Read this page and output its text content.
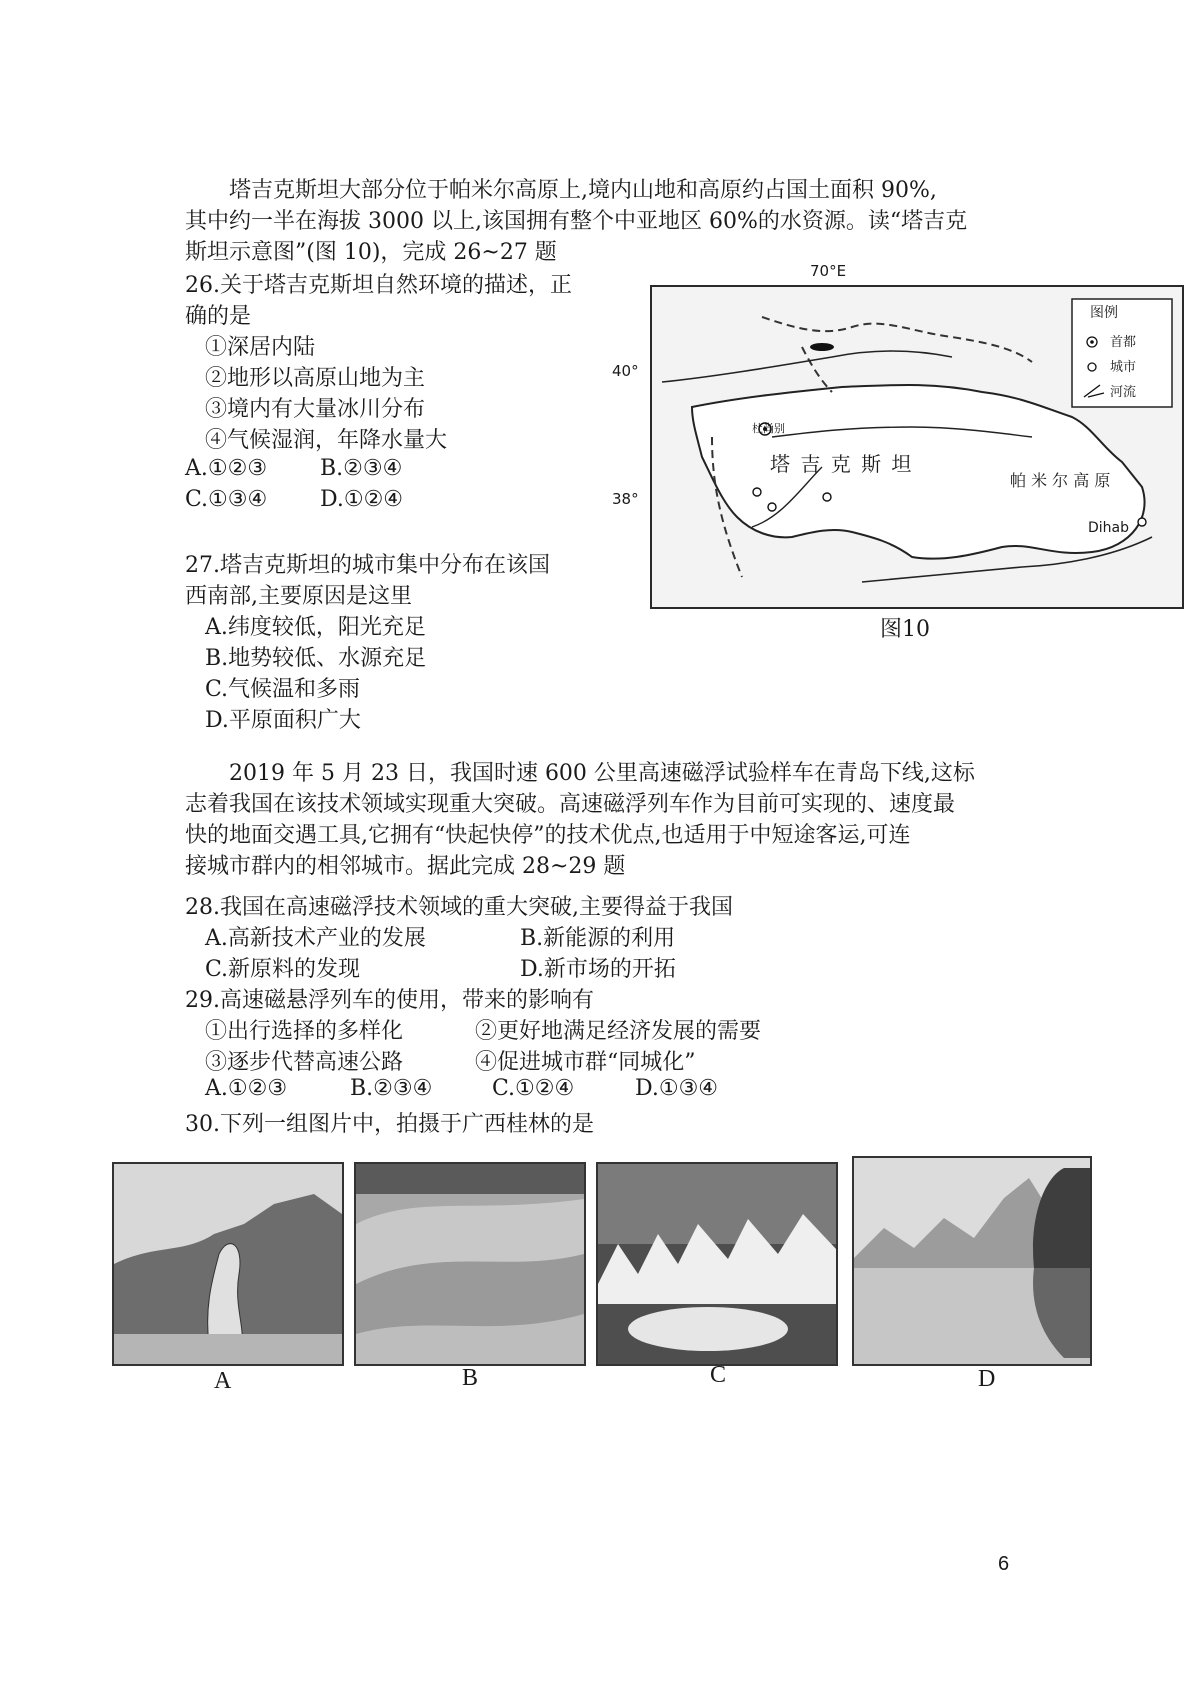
塔吉克斯坦大部分位于帕米尔高原上,境内山地和高原约占国土面积 90%,

其中约一半在海拔 3000 以上,该国拥有整个中亚地区 60%的水资源。读“塔吉克

斯坦示意图”(图 10)，完成 26~27 题

26.关于塔吉克斯坦自然环境的描述，正

确的是

①深居内陆

②地形以高原山地为主

③境内有大量冰川分布

④气候湿润，年降水量大

A.①②③ B.②③④
C.①③④ D.①②④

27.塔吉克斯坦的城市集中分布在该国

西南部,主要原因是这里

A.纬度较低，阳光充足

B.地势较低、水源充足

C.气候温和多雨

D.平原面积广大

70°E
40°
38°
图例
首都
城市
河流
塔 吉 克 斯 坦
帕 米 尔 高 原
杜尚别
Dihab
图10

2019 年 5 月 23 日，我国时速 600 公里高速磁浮试验样车在青岛下线,这标

志着我国在该技术领域实现重大突破。高速磁浮列车作为目前可实现的、速度最

快的地面交遇工具,它拥有“快起快停”的技术优点,也适用于中短途客运,可连

接城市群内的相邻城市。据此完成 28~29 题

28.我国在高速磁浮技术领域的重大突破,主要得益于我国
A.高新技术产业的发展	B.新能源的利用
C.新原料的发现	D.新市场的开拓
29.高速磁悬浮列车的使用，带来的影响有
①出行选择的多样化	②更好地满足经济发展的需要
③逐步代替高速公路	④促进城市群“同城化”
A.①②③	B.②③④	C.①②④	D.①③④
30.下列一组图片中，拍摄于广西桂林的是
A	B	C	D
6
